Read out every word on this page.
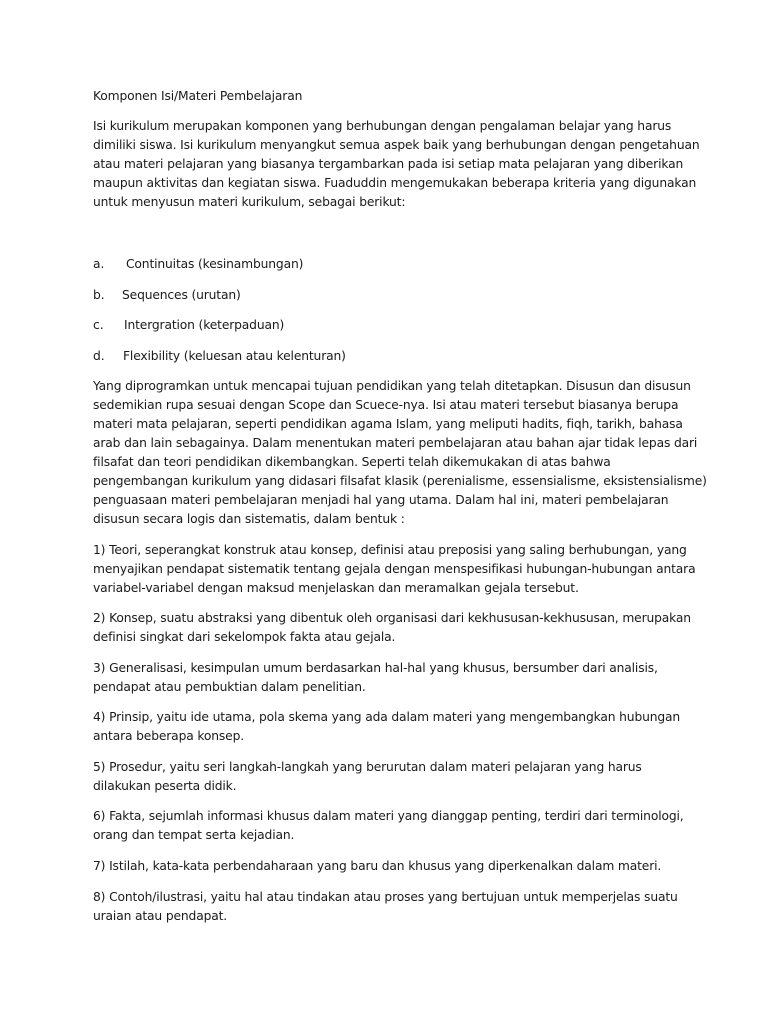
Komponen Isi/Materi Pembelajaran
Isi kurikulum merupakan komponen yang berhubungan dengan pengalaman belajar yang harus
dimiliki siswa. Isi kurikulum menyangkut semua aspek baik yang berhubungan dengan pengetahuan
atau materi pelajaran yang biasanya tergambarkan pada isi setiap mata pelajaran yang diberikan
maupun aktivitas dan kegiatan siswa. Fuaduddin mengemukakan beberapa kriteria yang digunakan
untuk menyusun materi kurikulum, sebagai berikut:
a. Continuitas (kesinambungan)
b. Sequences (urutan)
c. Intergration (keterpaduan)
d. Flexibility (keluesan atau kelenturan)
Yang diprogramkan untuk mencapai tujuan pendidikan yang telah ditetapkan. Disusun dan disusun
sedemikian rupa sesuai dengan Scope dan Scuece-nya. Isi atau materi tersebut biasanya berupa
materi mata pelajaran, seperti pendidikan agama Islam, yang meliputi hadits, fiqh, tarikh, bahasa
arab dan lain sebagainya. Dalam menentukan materi pembelajaran atau bahan ajar tidak lepas dari
filsafat dan teori pendidikan dikembangkan. Seperti telah dikemukakan di atas bahwa
pengembangan kurikulum yang didasari filsafat klasik (perenialisme, essensialisme, eksistensialisme)
penguasaan materi pembelajaran menjadi hal yang utama. Dalam hal ini, materi pembelajaran
disusun secara logis dan sistematis, dalam bentuk :
1) Teori, seperangkat konstruk atau konsep, definisi atau preposisi yang saling berhubungan, yang
menyajikan pendapat sistematik tentang gejala dengan menspesifikasi hubungan-hubungan antara
variabel-variabel dengan maksud menjelaskan dan meramalkan gejala tersebut.
2) Konsep, suatu abstraksi yang dibentuk oleh organisasi dari kekhususan-kekhususan, merupakan
definisi singkat dari sekelompok fakta atau gejala.
3) Generalisasi, kesimpulan umum berdasarkan hal-hal yang khusus, bersumber dari analisis,
pendapat atau pembuktian dalam penelitian.
4) Prinsip, yaitu ide utama, pola skema yang ada dalam materi yang mengembangkan hubungan
antara beberapa konsep.
5) Prosedur, yaitu seri langkah-langkah yang berurutan dalam materi pelajaran yang harus
dilakukan peserta didik.
6) Fakta, sejumlah informasi khusus dalam materi yang dianggap penting, terdiri dari terminologi,
orang dan tempat serta kejadian.
7) Istilah, kata-kata perbendaharaan yang baru dan khusus yang diperkenalkan dalam materi.
8) Contoh/ilustrasi, yaitu hal atau tindakan atau proses yang bertujuan untuk memperjelas suatu
uraian atau pendapat.
